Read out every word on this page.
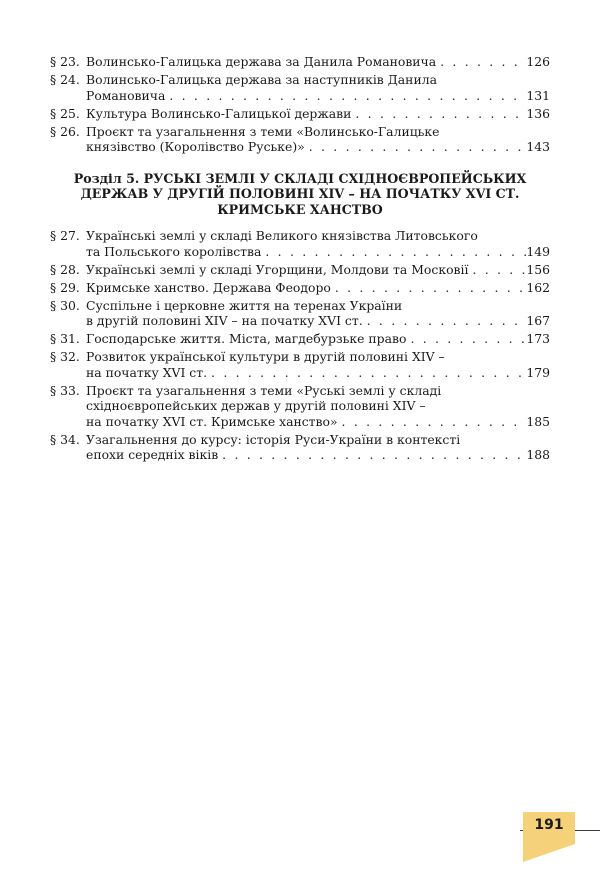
§ 23. Волинсько-Галицька держава за Данила Романовича . . .	126
§ 24. Волинсько-Галицька держава за наступників Данила
Романовича . . .	131
§ 25. Культура Волинсько-Галицької держави . . .	136
§ 26. Проєкт та узагальнення з теми «Волинсько-Галицьке
князівство (Королівство Руське)» . . .	143
Розділ 5. РУСЬКІ ЗЕМЛІ У СКЛАДІ СХІДНОЄВРОПЕЙСЬКИХ
ДЕРЖАВ У ДРУГІЙ ПОЛОВИНІ XIV – НА ПОЧАТКУ XVI СТ.
КРИМСЬКЕ ХАНСТВО
§ 27. Українські землі у складі Великого князівства Литовського
та Польського королівства . . .	149
§ 28. Українські землі у складі Угорщини, Молдови та Московії . . .	156
§ 29. Кримське ханство. Держава Феодоро . . .	162
§ 30. Суспільне і церковне життя на теренах України
в другій половині XIV – на початку XVI ст. . . .	167
§ 31. Господарське життя. Міста, магдебурзьке право . . .	173
§ 32. Розвиток української культури в другій половині XIV –
на початку XVI ст. . . .	179
§ 33. Проєкт та узагальнення з теми «Руські землі у складі
східноєвропейських держав у другій половині XIV –
на початку XVI ст. Кримське ханство» . . .	185
§ 34. Узагальнення до курсу: історія Руси-України в контексті
епохи середніх віків . . .	188
191
